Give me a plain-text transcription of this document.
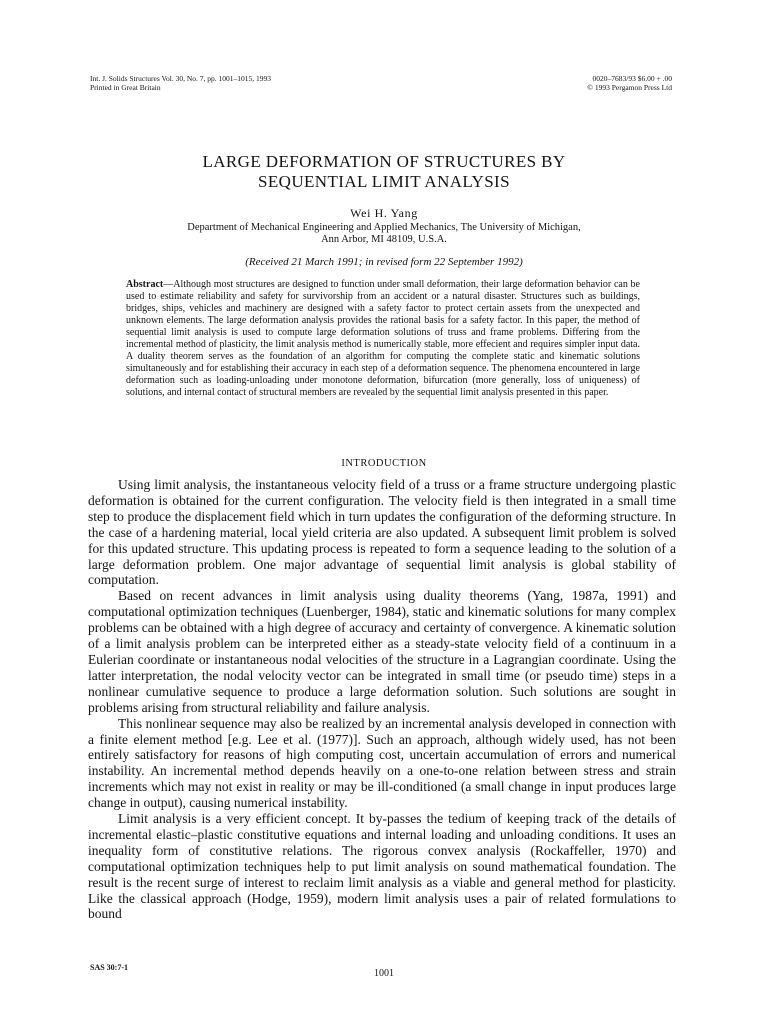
Int. J. Solids Structures Vol. 30, No. 7, pp. 1001–1015, 1993
Printed in Great Britain
0020–7683/93 $6.00 + .00
© 1993 Pergamon Press Ltd
LARGE DEFORMATION OF STRUCTURES BY
SEQUENTIAL LIMIT ANALYSIS
Wei H. Yang
Department of Mechanical Engineering and Applied Mechanics, The University of Michigan,
Ann Arbor, MI 48109, U.S.A.
(Received 21 March 1991; in revised form 22 September 1992)
Abstract—Although most structures are designed to function under small deformation, their large deformation behavior can be used to estimate reliability and safety for survivorship from an accident or a natural disaster. Structures such as buildings, bridges, ships, vehicles and machinery are designed with a safety factor to protect certain assets from the unexpected and unknown elements. The large deformation analysis provides the rational basis for a safety factor. In this paper, the method of sequential limit analysis is used to compute large deformation solutions of truss and frame problems. Differing from the incremental method of plasticity, the limit analysis method is numerically stable, more effecient and requires simpler input data. A duality theorem serves as the foundation of an algorithm for computing the complete static and kinematic solutions simultaneously and for establishing their accuracy in each step of a deformation sequence. The phenomena encountered in large deformation such as loading-unloading under monotone deformation, bifurcation (more generally, loss of uniqueness) of solutions, and internal contact of structural members are revealed by the sequential limit analysis presented in this paper.
INTRODUCTION

Using limit analysis, the instantaneous velocity field of a truss or a frame structure undergoing plastic deformation is obtained for the current configuration. The velocity field is then integrated in a small time step to produce the displacement field which in turn updates the configuration of the deforming structure. In the case of a hardening material, local yield criteria are also updated. A subsequent limit problem is solved for this updated structure. This updating process is repeated to form a sequence leading to the solution of a large deformation problem. One major advantage of sequential limit analysis is global stability of computation.

Based on recent advances in limit analysis using duality theorems (Yang, 1987a, 1991) and computational optimization techniques (Luenberger, 1984), static and kinematic solutions for many complex problems can be obtained with a high degree of accuracy and certainty of convergence. A kinematic solution of a limit analysis problem can be interpreted either as a steady-state velocity field of a continuum in a Eulerian coordinate or instantaneous nodal velocities of the structure in a Lagrangian coordinate. Using the latter interpretation, the nodal velocity vector can be integrated in small time (or pseudo time) steps in a nonlinear cumulative sequence to produce a large deformation solution. Such solutions are sought in problems arising from structural reliability and failure analysis.

This nonlinear sequence may also be realized by an incremental analysis developed in connection with a finite element method [e.g. Lee et al. (1977)]. Such an approach, although widely used, has not been entirely satisfactory for reasons of high computing cost, uncertain accumulation of errors and numerical instability. An incremental method depends heavily on a one-to-one relation between stress and strain increments which may not exist in reality or may be ill-conditioned (a small change in input produces large change in output), causing numerical instability.

Limit analysis is a very efficient concept. It by-passes the tedium of keeping track of the details of incremental elastic–plastic constitutive equations and internal loading and unloading conditions. It uses an inequality form of constitutive relations. The rigorous convex analysis (Rockaffeller, 1970) and computational optimization techniques help to put limit analysis on sound mathematical foundation. The result is the recent surge of interest to reclaim limit analysis as a viable and general method for plasticity. Like the classical approach (Hodge, 1959), modern limit analysis uses a pair of related formulations to bound

SAS 30:7-1
1001
